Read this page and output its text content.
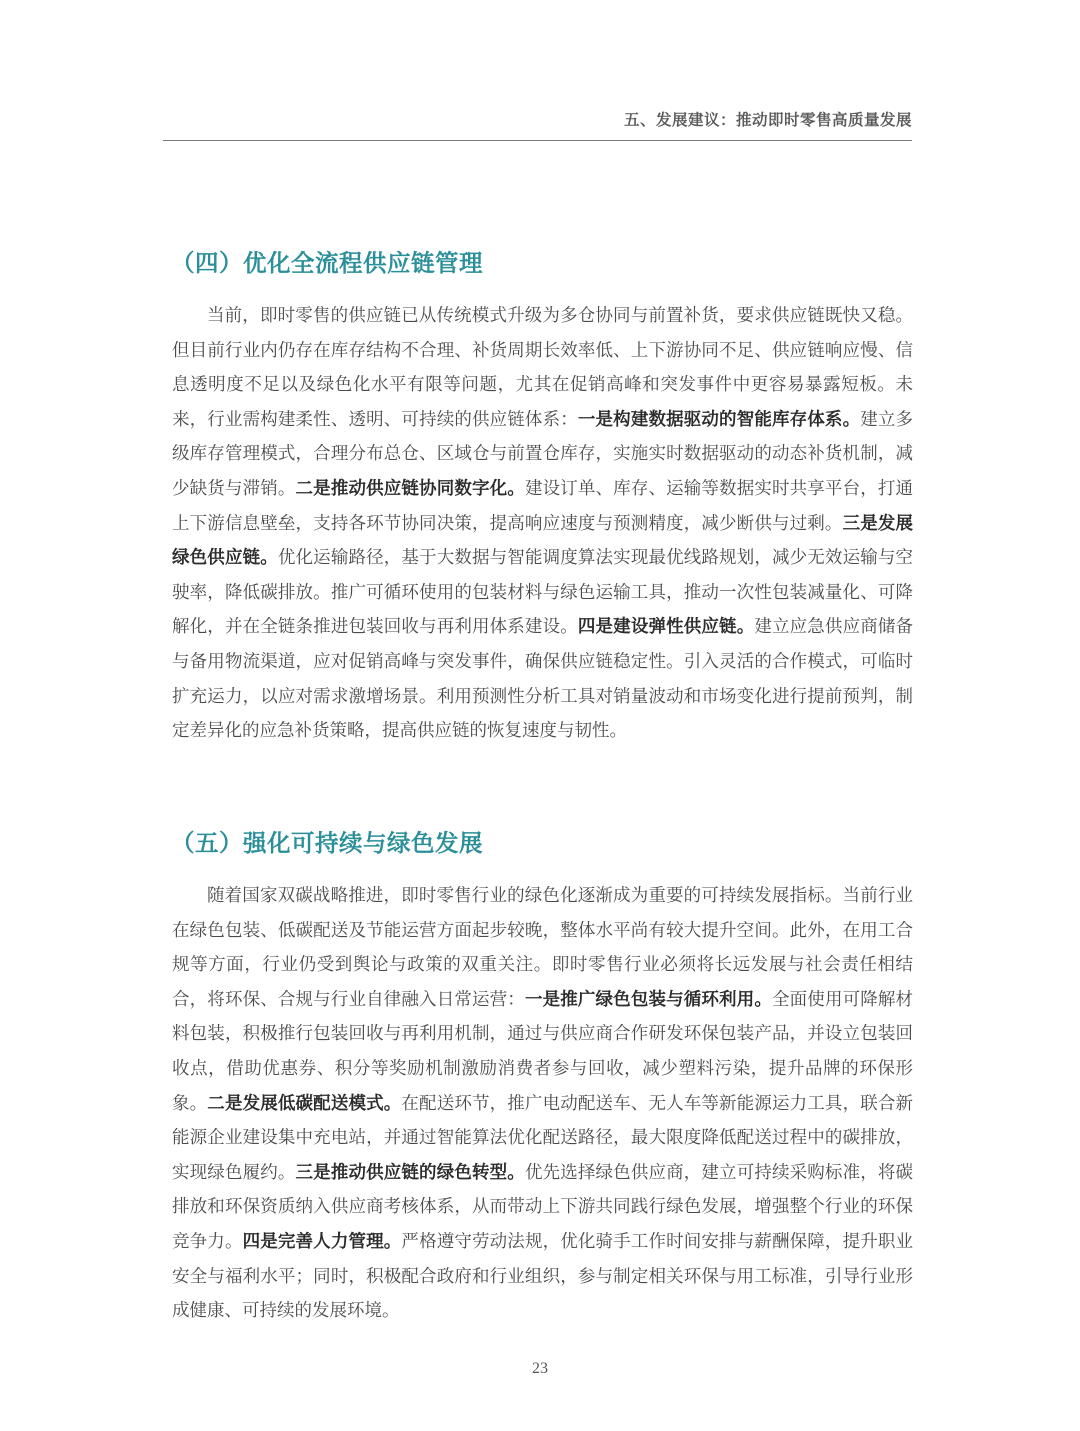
五、发展建议：推动即时零售高质量发展
（四）优化全流程供应链管理

当前，即时零售的供应链已从传统模式升级为多仓协同与前置补货，要求供应链既快又稳。但目前行业内仍存在库存结构不合理、补货周期长效率低、上下游协同不足、供应链响应慢、信息透明度不足以及绿色化水平有限等问题，尤其在促销高峰和突发事件中更容易暴露短板。未来，行业需构建柔性、透明、可持续的供应链体系：一是构建数据驱动的智能库存体系。建立多级库存管理模式，合理分布总仓、区域仓与前置仓库存，实施实时数据驱动的动态补货机制，减少缺货与滞销。二是推动供应链协同数字化。建设订单、库存、运输等数据实时共享平台，打通上下游信息壁垒，支持各环节协同决策，提高响应速度与预测精度，减少断供与过剩。三是发展绿色供应链。优化运输路径，基于大数据与智能调度算法实现最优线路规划，减少无效运输与空驶率，降低碳排放。推广可循环使用的包装材料与绿色运输工具，推动一次性包装减量化、可降解化，并在全链条推进包装回收与再利用体系建设。四是建设弹性供应链。建立应急供应商储备与备用物流渠道，应对促销高峰与突发事件，确保供应链稳定性。引入灵活的合作模式，可临时扩充运力，以应对需求激增场景。利用预测性分析工具对销量波动和市场变化进行提前预判，制定差异化的应急补货策略，提高供应链的恢复速度与韧性。

（五）强化可持续与绿色发展

随着国家双碳战略推进，即时零售行业的绿色化逐渐成为重要的可持续发展指标。当前行业在绿色包装、低碳配送及节能运营方面起步较晚，整体水平尚有较大提升空间。此外，在用工合规等方面，行业仍受到舆论与政策的双重关注。即时零售行业必须将长远发展与社会责任相结合，将环保、合规与行业自律融入日常运营：一是推广绿色包装与循环利用。全面使用可降解材料包装，积极推行包装回收与再利用机制，通过与供应商合作研发环保包装产品，并设立包装回收点，借助优惠券、积分等奖励机制激励消费者参与回收，减少塑料污染，提升品牌的环保形象。二是发展低碳配送模式。在配送环节，推广电动配送车、无人车等新能源运力工具，联合新能源企业建设集中充电站，并通过智能算法优化配送路径，最大限度降低配送过程中的碳排放，实现绿色履约。三是推动供应链的绿色转型。优先选择绿色供应商，建立可持续采购标准，将碳排放和环保资质纳入供应商考核体系，从而带动上下游共同践行绿色发展，增强整个行业的环保竞争力。四是完善人力管理。严格遵守劳动法规，优化骑手工作时间安排与薪酬保障，提升职业安全与福利水平；同时，积极配合政府和行业组织，参与制定相关环保与用工标准，引导行业形成健康、可持续的发展环境。

23
